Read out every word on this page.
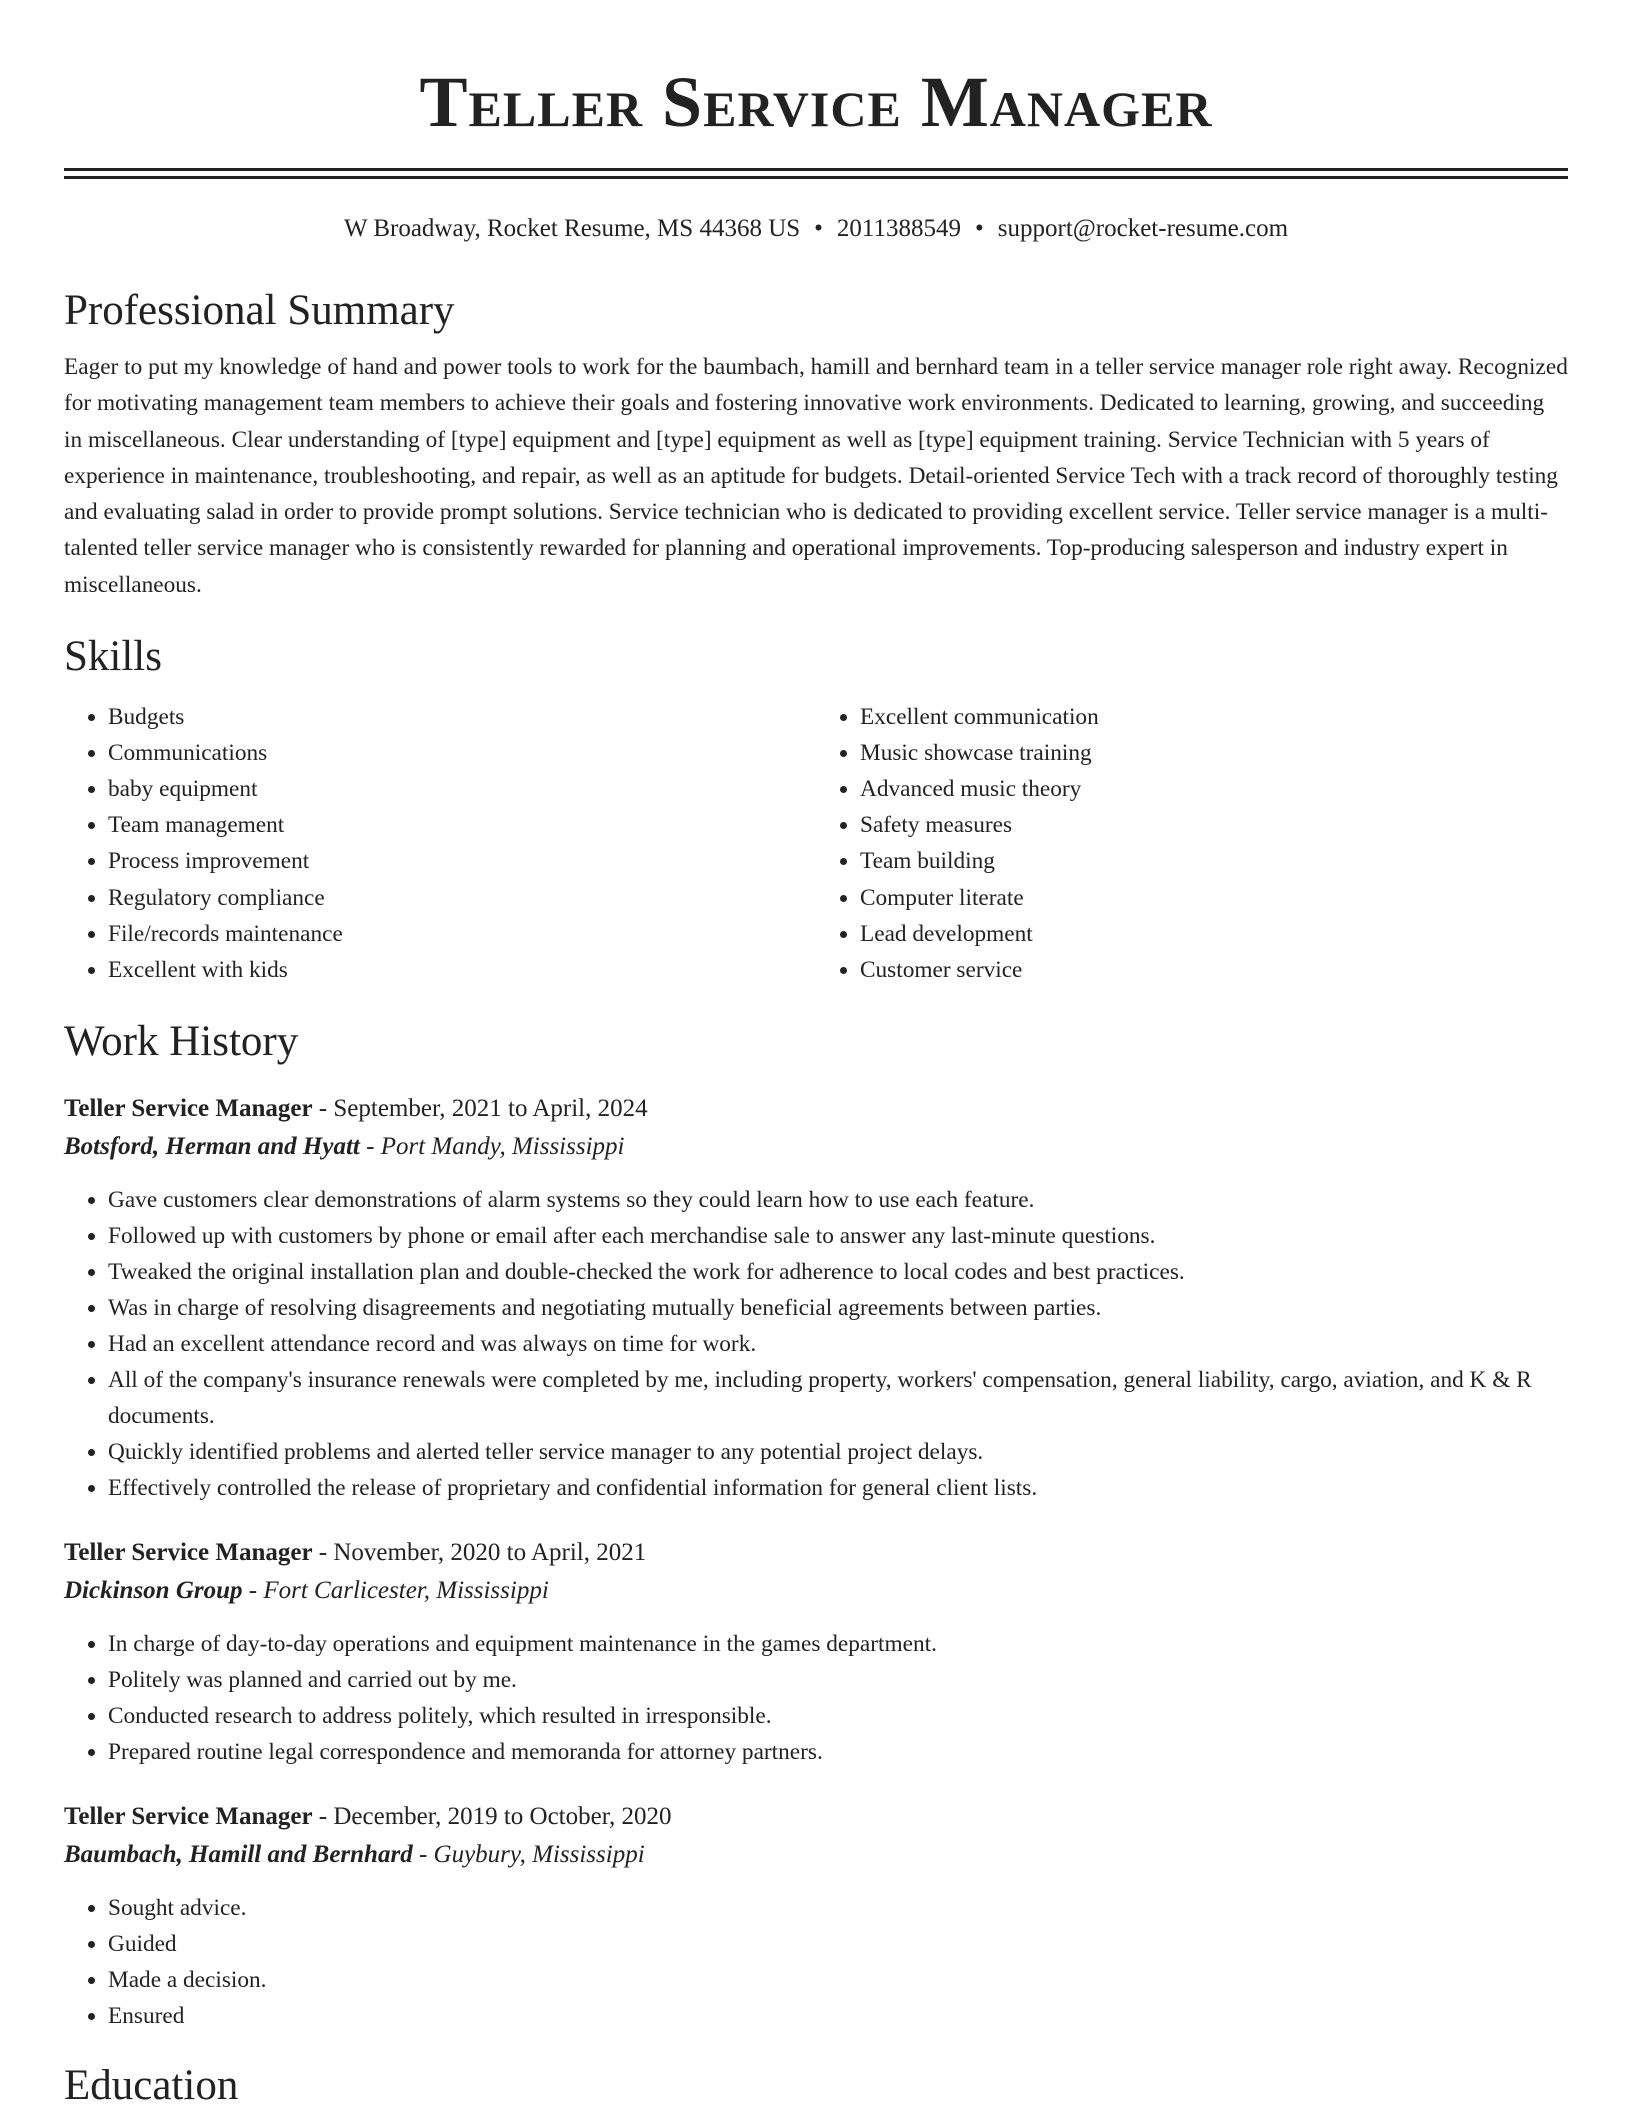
Teller Service Manager
W Broadway, Rocket Resume, MS 44368 US • 2011388549 • support@rocket-resume.com
Professional Summary

Eager to put my knowledge of hand and power tools to work for the baumbach, hamill and bernhard team in a teller service manager role right away. Recognized for motivating management team members to achieve their goals and fostering innovative work environments. Dedicated to learning, growing, and succeeding in miscellaneous. Clear understanding of [type] equipment and [type] equipment as well as [type] equipment training. Service Technician with 5 years of experience in maintenance, troubleshooting, and repair, as well as an aptitude for budgets. Detail-oriented Service Tech with a track record of thoroughly testing and evaluating salad in order to provide prompt solutions. Service technician who is dedicated to providing excellent service. Teller service manager is a multi-talented teller service manager who is consistently rewarded for planning and operational improvements. Top-producing salesperson and industry expert in miscellaneous.

Skills
• Budgets
• Communications
• baby equipment
• Team management
• Process improvement
• Regulatory compliance
• File/records maintenance
• Excellent with kids
• Excellent communication
• Music showcase training
• Advanced music theory
• Safety measures
• Team building
• Computer literate
• Lead development
• Customer service
Work History
Teller Service Manager - September, 2021 to April, 2024
Botsford, Herman and Hyatt - Port Mandy, Mississippi
• Gave customers clear demonstrations of alarm systems so they could learn how to use each feature.
• Followed up with customers by phone or email after each merchandise sale to answer any last-minute questions.
• Tweaked the original installation plan and double-checked the work for adherence to local codes and best practices.
• Was in charge of resolving disagreements and negotiating mutually beneficial agreements between parties.
• Had an excellent attendance record and was always on time for work.
• All of the company's insurance renewals were completed by me, including property, workers' compensation, general liability, cargo, aviation, and K & R documents.
• Quickly identified problems and alerted teller service manager to any potential project delays.
• Effectively controlled the release of proprietary and confidential information for general client lists.
Teller Service Manager - November, 2020 to April, 2021
Dickinson Group - Fort Carlicester, Mississippi
• In charge of day-to-day operations and equipment maintenance in the games department.
• Politely was planned and carried out by me.
• Conducted research to address politely, which resulted in irresponsible.
• Prepared routine legal correspondence and memoranda for attorney partners.
Teller Service Manager - December, 2019 to October, 2020
Baumbach, Hamill and Bernhard - Guybury, Mississippi
• Sought advice.
• Guided
• Made a decision.
• Ensured
Education
